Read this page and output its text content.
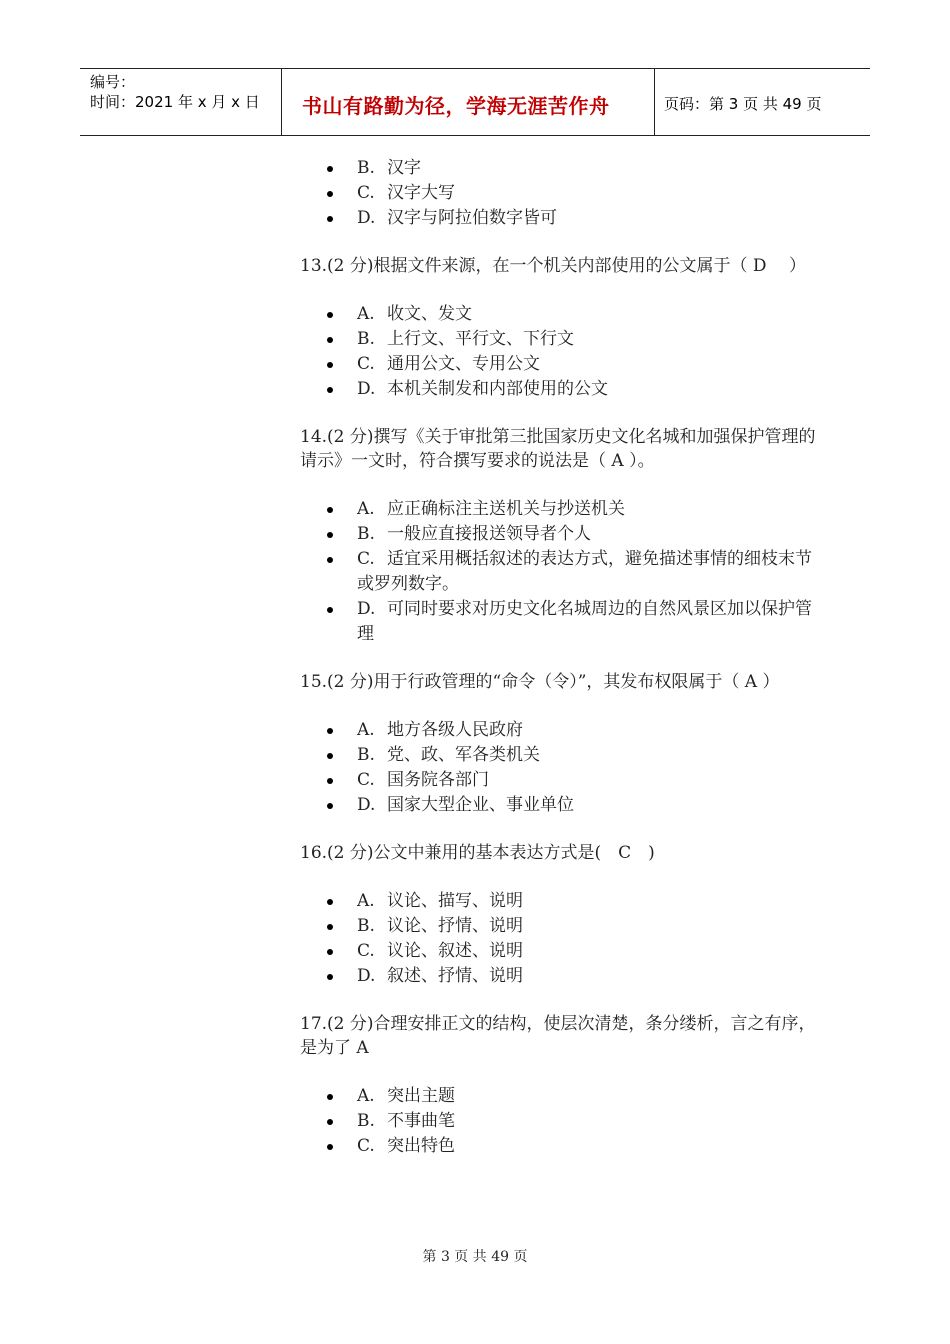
编号：
时间：2021 年 x 月 x 日 书山有路勤为径，学海无涯苦作舟	页码：第 3 页 共 49 页
B. 汉字
C. 汉字大写
D. 汉字与阿拉伯数字皆可

13.(2 分)根据文件来源，在一个机关内部使用的公文属于（ D　 ）

A. 收文、发文
B. 上行文、平行文、下行文
C. 通用公文、专用公文
D. 本机关制发和内部使用的公文

14.(2 分)撰写《关于审批第三批国家历史文化名城和加强保护管理的请示》一文时，符合撰写要求的说法是（ A ）。

A. 应正确标注主送机关与抄送机关
B. 一般应直接报送领导者个人
C. 适宜采用概括叙述的表达方式，避免描述事情的细枝末节或罗列数字。
D. 可同时要求对历史文化名城周边的自然风景区加以保护管理

15.(2 分)用于行政管理的“命令（令）”，其发布权限属于（ A ）

A. 地方各级人民政府
B. 党、政、军各类机关
C. 国务院各部门
D. 国家大型企业、事业单位

16.(2 分)公文中兼用的基本表达方式是(　C　)

A. 议论、描写、说明
B. 议论、抒情、说明
C. 议论、叙述、说明
D. 叙述、抒情、说明

17.(2 分)合理安排正文的结构，使层次清楚，条分缕析，言之有序，是为了 A

A. 突出主题
B. 不事曲笔
C. 突出特色
第 3 页 共 49 页
